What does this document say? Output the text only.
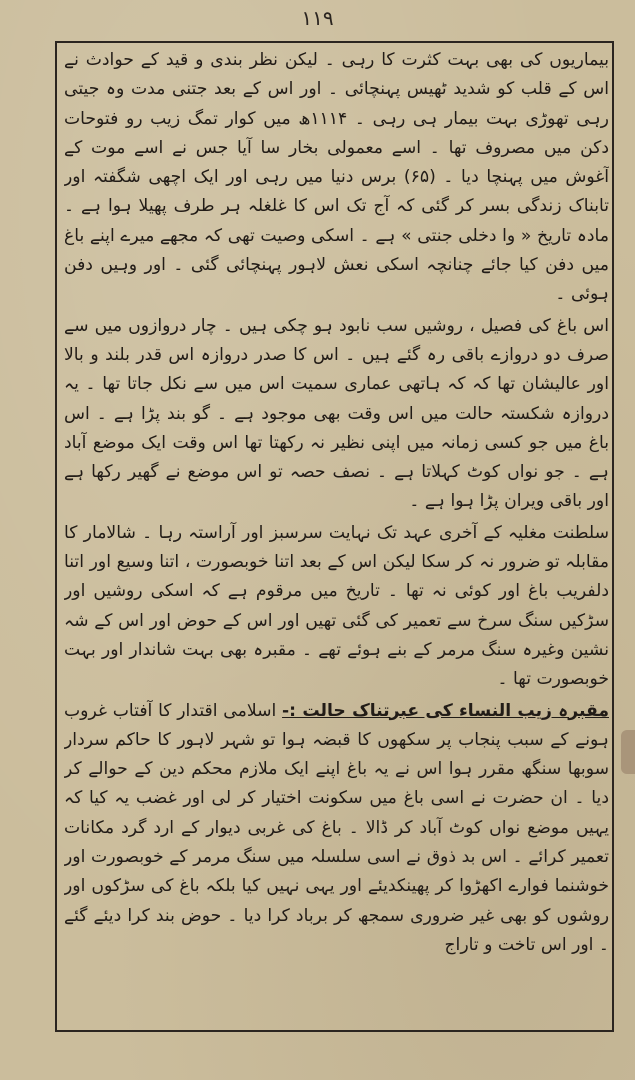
۱۱۹

بیماریوں کی بھی بہت کثرت کا رہی ۔ لیکن نظر بندی و قید کے حوادث نے اس کے قلب کو شدید ٹھیس پہنچائی ۔ اور اس کے بعد جتنی مدت وہ جیتی رہی تھوڑی بہت بیمار ہی رہی ۔ ۱۱۱۴ھ میں کوار تمگ زیب رو فتوحات دکن میں مصروف تھا ۔ اسے معمولی بخار سا آیا جس نے اسے موت کے آغوش میں پہنچا دیا ۔ (۶۵) برس دنیا میں رہی اور ایک اچھی شگفتہ اور تابناک زندگی بسر کر گئی کہ آج تک اس کا غلغلہ ہر طرف پھیلا ہوا ہے ۔ مادہ تاریخ « وا دخلی جنتی » ہے ۔ اسکی وصیت تھی کہ مجھے میرے اپنے باغ میں دفن کیا جائے چنانچہ اسکی نعش لاہور پہنچائی گئی ۔ اور وہیں دفن ہوئی ۔

اس باغ کی فصیل ، روشیں سب نابود ہو چکی ہیں ۔ چار دروازوں میں سے صرف دو دروازے باقی رہ گئے ہیں ۔ اس کا صدر دروازہ اس قدر بلند و بالا اور عالیشان تھا کہ کہ ہاتھی عماری سمیت اس میں سے نکل جاتا تھا ۔ یہ دروازہ شکستہ حالت میں اس وقت بھی موجود ہے ۔ گو بند پڑا ہے ۔ اس باغ میں جو کسی زمانہ میں اپنی نظیر نہ رکھتا تھا اس وقت ایک موضع آباد ہے ۔ جو نواں کوٹ کہلاتا ہے ۔ نصف حصہ تو اس موضع نے گھیر رکھا ہے اور باقی ویران پڑا ہوا ہے ۔

سلطنت مغلیہ کے آخری عہد تک نہایت سرسبز اور آراستہ رہا ۔ شالامار کا مقابلہ تو ضرور نہ کر سکا لیکن اس کے بعد اتنا خوبصورت ، اتنا وسیع اور اتنا دلفریب باغ اور کوئی نہ تھا ۔ تاریخ میں مرقوم ہے کہ اسکی روشیں اور سڑکیں سنگ سرخ سے تعمیر کی گئی تھیں اور اس کے حوض اور اس کے شہ نشین وغیرہ سنگ مرمر کے بنے ہوئے تھے ۔ مقبرہ بھی بہت شاندار اور بہت خوبصورت تھا ۔

مقبرہ زیب النساء کی عبرتناک حالت :- اسلامی اقتدار کا آفتاب غروب ہونے کے سبب پنجاب پر سکھوں کا قبضہ ہوا تو شہر لاہور کا حاکم سردار سوبھا سنگھ مقرر ہوا اس نے یہ باغ اپنے ایک ملازم محکم دین کے حوالے کر دیا ۔ ان حضرت نے اسی باغ میں سکونت اختیار کر لی اور غضب یہ کیا کہ یہیں موضع نواں کوٹ آباد کر ڈالا ۔ باغ کی غربی دیوار کے ارد گرد مکانات تعمیر کرائے ۔ اس بد ذوق نے اسی سلسلہ میں سنگ مرمر کے خوبصورت اور خوشنما فوارے اکھڑوا کر پھینکدیئے اور یہی نہیں کیا بلکہ باغ کی سڑکوں اور روشوں کو بھی غیر ضروری سمجھ کر برباد کرا دیا ۔ حوض بند کرا دیئے گئے ۔ اور اس تاخت و تاراج
